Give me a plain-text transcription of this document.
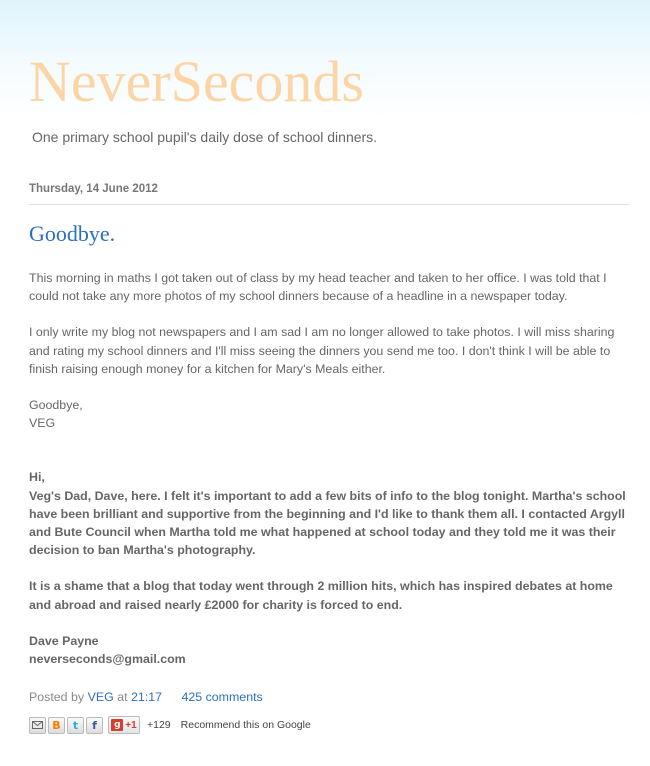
NeverSeconds
One primary school pupil's daily dose of school dinners.
Thursday, 14 June 2012
Goodbye.

This morning in maths I got taken out of class by my head teacher and taken to her office. I was told that I could not take any more photos of my school dinners because of a headline in a newspaper today.

I only write my blog not newspapers and I am sad I am no longer allowed to take photos. I will miss sharing and rating my school dinners and I'll miss seeing the dinners you send me too. I don't think I will be able to finish raising enough money for a kitchen for Mary's Meals either.

Goodbye,

VEG

Hi,

Veg's Dad, Dave, here. I felt it's important to add a few bits of info to the blog tonight. Martha's school have been brilliant and supportive from the beginning and I'd like to thank them all. I contacted Argyll and Bute Council when Martha told me what happened at school today and they told me it was their decision to ban Martha's photography.

It is a shame that a blog that today went through 2 million hits, which has inspired debates at home and abroad and raised nearly £2000 for charity is forced to end.

Dave Payne

neverseconds@gmail.com

Posted by VEG at 21:17 425 comments
B	t	f	g +1 +129 Recommend this on Google
